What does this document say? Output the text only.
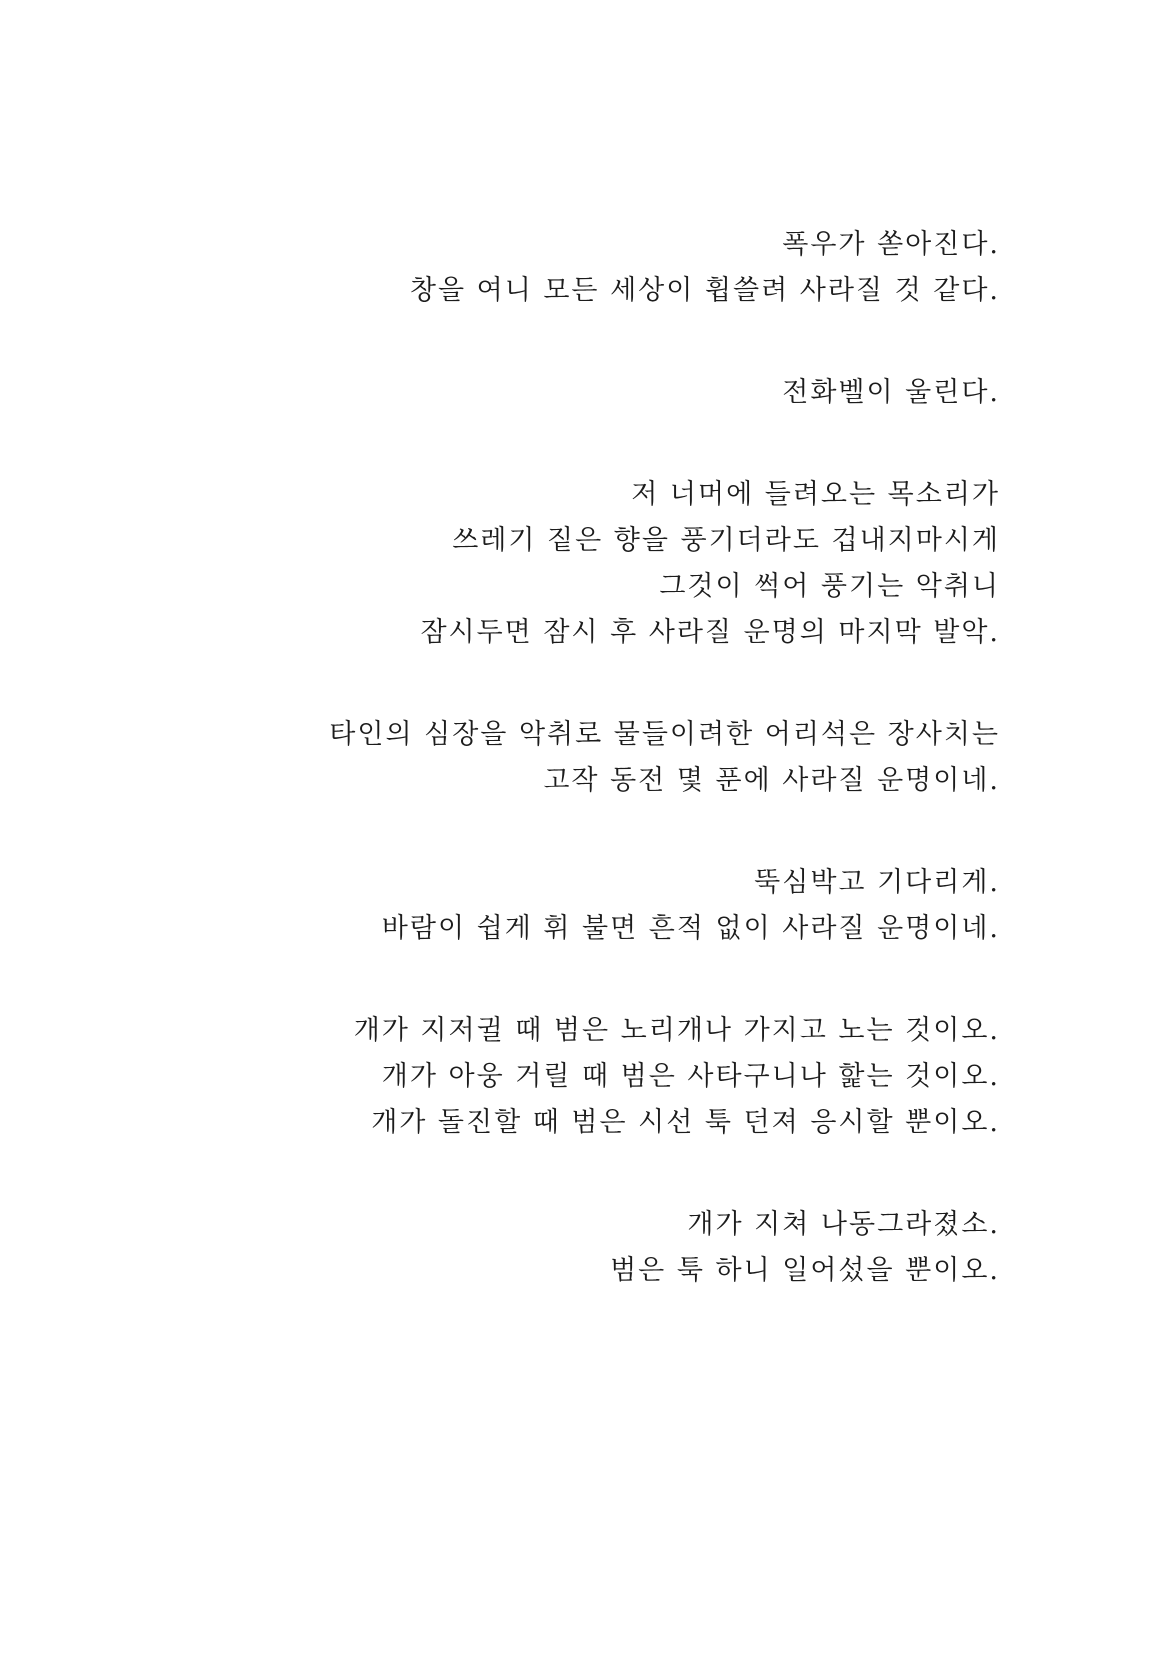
폭우가 쏟아진다.
창을 여니 모든 세상이 휩쓸려 사라질 것 같다.
전화벨이 울린다.
저 너머에 들려오는 목소리가
쓰레기 짙은 향을 풍기더라도 겁내지마시게
그것이 썩어 풍기는 악취니
잠시두면 잠시 후 사라질 운명의 마지막 발악.
타인의 심장을 악취로 물들이려한 어리석은 장사치는
고작 동전 몇 푼에 사라질 운명이네.
뚝심박고 기다리게.
바람이 쉽게 휘 불면 흔적 없이 사라질 운명이네.
개가 지저귈 때 범은 노리개나 가지고 노는 것이오.
개가 아웅 거릴 때 범은 사타구니나 핥는 것이오.
개가 돌진할 때 범은 시선 툭 던져 응시할 뿐이오.
개가 지쳐 나동그라졌소.
범은 툭 하니 일어섰을 뿐이오.
